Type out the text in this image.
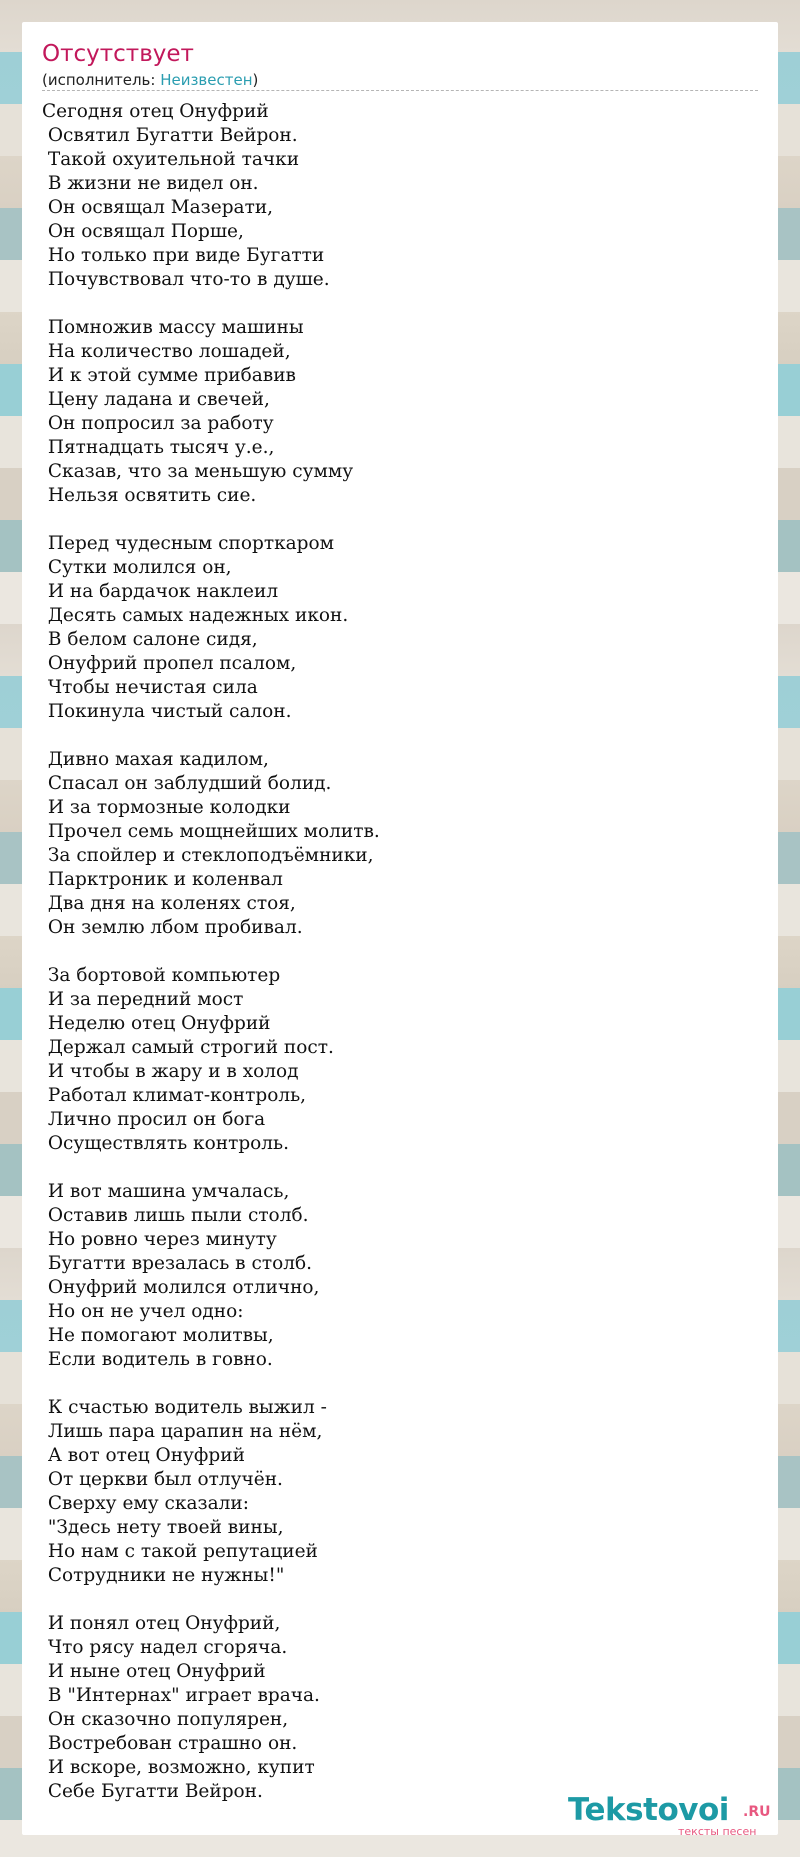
Отсутствует
(исполнитель: Неизвестен)
Сегодня отец Онуфрий
Освятил Бугатти Вейрон.
Такой охуительной тачки
В жизни не видел он.
Он освящал Мазерати,
Он освящал Порше,
Но только при виде Бугатти
Почувствовал что-то в душе.

Помножив массу машины
На количество лошадей,
И к этой сумме прибавив
Цену ладана и свечей,
Он попросил за работу
Пятнадцать тысяч у.е.,
Сказав, что за меньшую сумму
Нельзя освятить сие.

Перед чудесным спорткаром
Сутки молился он,
И на бардачок наклеил
Десять самых надежных икон.
В белом салоне сидя,
Онуфрий пропел псалом,
Чтобы нечистая сила
Покинула чистый салон.

Дивно махая кадилом,
Спасал он заблудший болид.
И за тормозные колодки
Прочел семь мощнейших молитв.
За спойлер и стеклоподъёмники,
Парктроник и коленвал
Два дня на коленях стоя,
Он землю лбом пробивал.

За бортовой компьютер
И за передний мост
Неделю отец Онуфрий
Держал самый строгий пост.
И чтобы в жару и в холод
Работал климат-контроль,
Лично просил он бога
Осуществлять контроль.

И вот машина умчалась,
Оставив лишь пыли столб.
Но ровно через минуту
Бугатти врезалась в столб.
Онуфрий молился отлично,
Но он не учел одно:
Не помогают молитвы,
Если водитель в говно.

К счастью водитель выжил -
Лишь пара царапин на нём,
А вот отец Онуфрий
От церкви был отлучён.
Сверху ему сказали:
"Здесь нету твоей вины,
Но нам с такой репутацией
Сотрудники не нужны!"

И понял отец Онуфрий,
Что рясу надел сгоряча.
И ныне отец Онуфрий
В "Интернах" играет врача.
Он сказочно популярен,
Востребован страшно он.
И вскоре, возможно, купит
Себе Бугатти Вейрон.
Tekstovoi .RU
тексты песен
